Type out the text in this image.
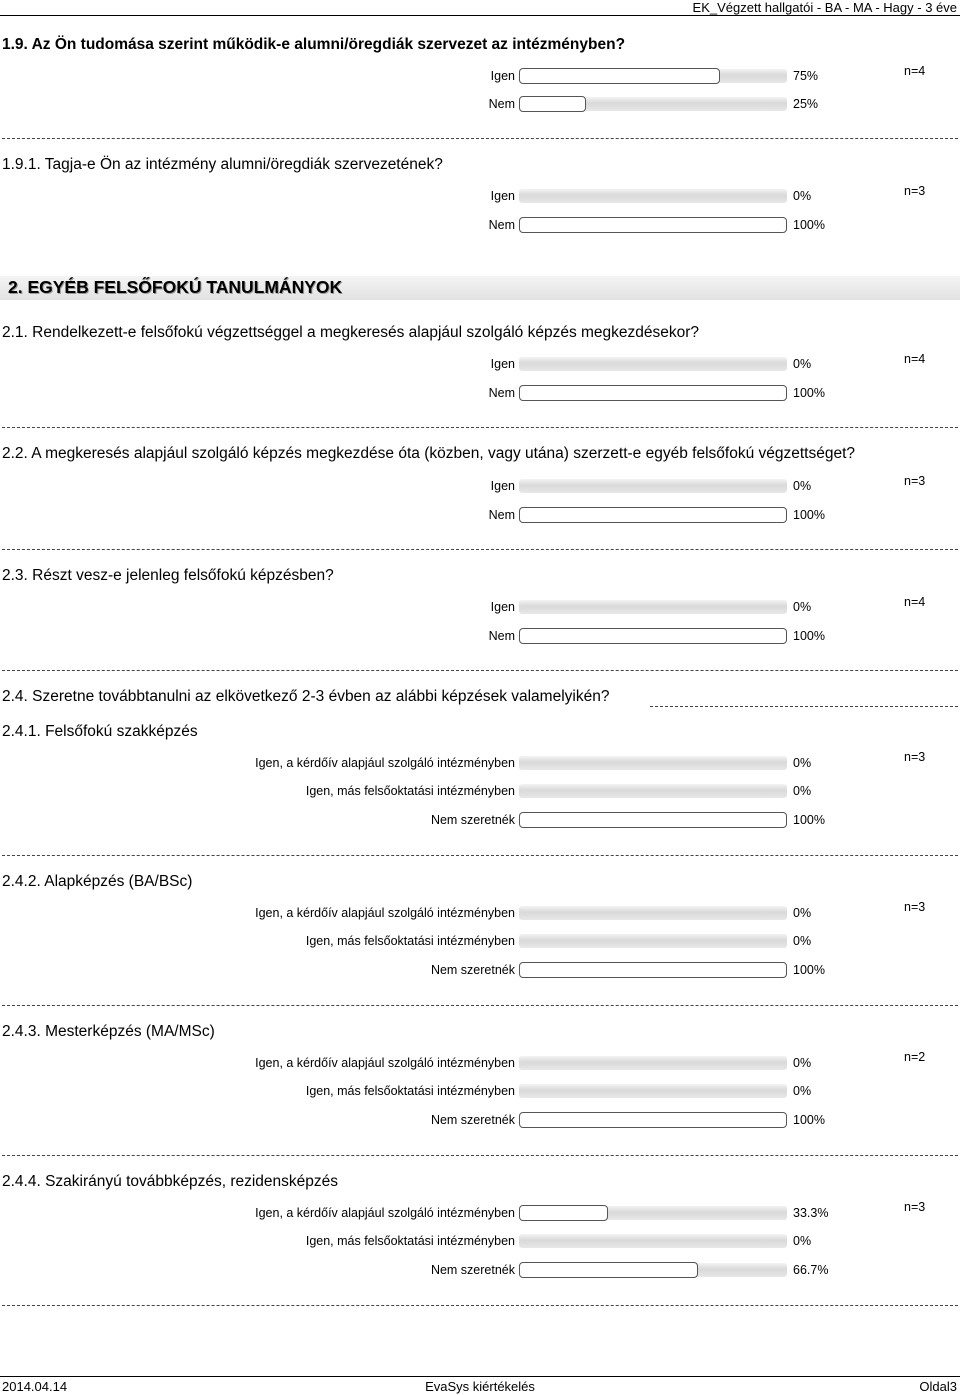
EK_Végzett hallgatói - BA - MA - Hagy - 3 éve
1.9. Az Ön tudomása szerint működik-e alumni/öregdiák szervezet az intézményben?
n=4
Igen	75%
Nem	25%
1.9.1. Tagja-e Ön az intézmény alumni/öregdiák szervezetének?
n=3
Igen	0%
Nem	100%
2. EGYÉB FELSŐFOKÚ TANULMÁNYOK
2.1. Rendelkezett-e felsőfokú végzettséggel a megkeresés alapjául szolgáló képzés megkezdésekor?
n=4
Igen	0%
Nem	100%
2.2. A megkeresés alapjául szolgáló képzés megkezdése óta (közben, vagy utána) szerzett-e egyéb felsőfokú végzettséget?
n=3
Igen	0%
Nem	100%
2.3. Részt vesz-e jelenleg felsőfokú képzésben?
n=4
Igen	0%
Nem	100%
2.4. Szeretne továbbtanulni az elkövetkező 2-3 évben az alábbi képzések valamelyikén?
2.4.1. Felsőfokú szakképzés
n=3
Igen, a kérdőív alapjául szolgáló intézményben	0%
Igen, más felsőoktatási intézményben	0%
Nem szeretnék	100%
2.4.2. Alapképzés (BA/BSc)
n=3
Igen, a kérdőív alapjául szolgáló intézményben	0%
Igen, más felsőoktatási intézményben	0%
Nem szeretnék	100%
2.4.3. Mesterképzés (MA/MSc)
n=2
Igen, a kérdőív alapjául szolgáló intézményben	0%
Igen, más felsőoktatási intézményben	0%
Nem szeretnék	100%
2.4.4. Szakirányú továbbképzés, rezidensképzés
n=3
Igen, a kérdőív alapjául szolgáló intézményben	33.3%
Igen, más felsőoktatási intézményben	0%
Nem szeretnék	66.7%
2014.04.14	EvaSys kiértékelés	Oldal3
